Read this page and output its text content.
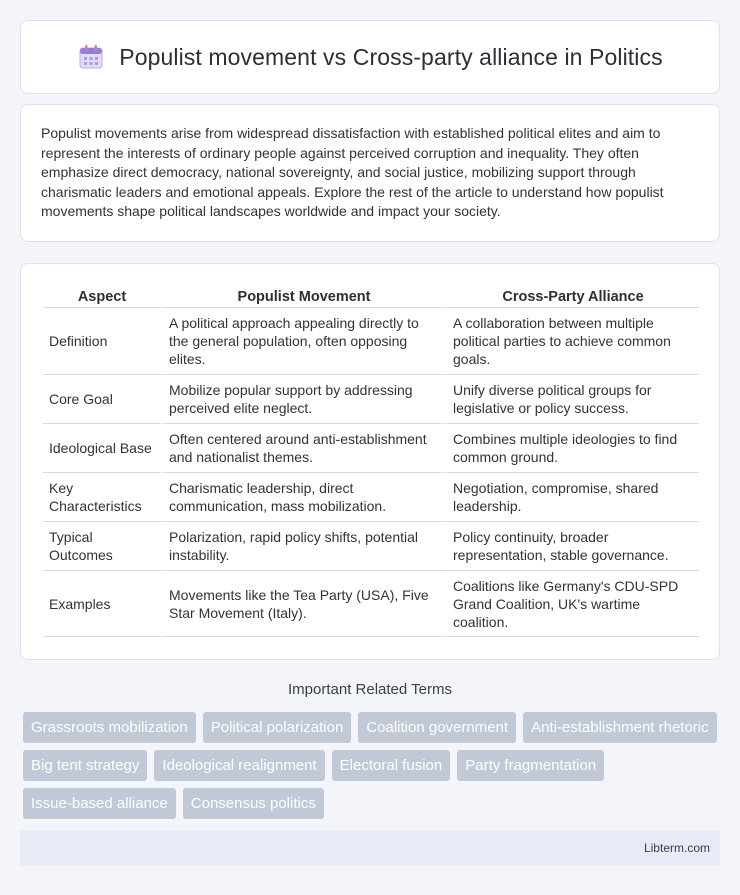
Populist movement vs Cross-party alliance in Politics

Populist movements arise from widespread dissatisfaction with established political elites and aim to represent the interests of ordinary people against perceived corruption and inequality. They often emphasize direct democracy, national sovereignty, and social justice, mobilizing support through charismatic leaders and emotional appeals. Explore the rest of the article to understand how populist movements shape political landscapes worldwide and impact your society.

Aspect	Populist Movement	Cross-Party Alliance
Definition	A political approach appealing directly to the general population, often opposing elites.	A collaboration between multiple political parties to achieve common goals.
Core Goal	Mobilize popular support by addressing perceived elite neglect.	Unify diverse political groups for legislative or policy success.
Ideological Base	Often centered around anti-establishment and nationalist themes.	Combines multiple ideologies to find common ground.
Key Characteristics	Charismatic leadership, direct communication, mass mobilization.	Negotiation, compromise, shared leadership.
Typical Outcomes	Polarization, rapid policy shifts, potential instability.	Policy continuity, broader representation, stable governance.
Examples	Movements like the Tea Party (USA), Five Star Movement (Italy).	Coalitions like Germany's CDU-SPD Grand Coalition, UK's wartime coalition.
Important Related Terms
Grassroots mobilization	Political polarization	Coalition government	Anti-establishment rhetoric
Big tent strategy	Ideological realignment	Electoral fusion	Party fragmentation
Issue-based alliance	Consensus politics
Libterm.com
